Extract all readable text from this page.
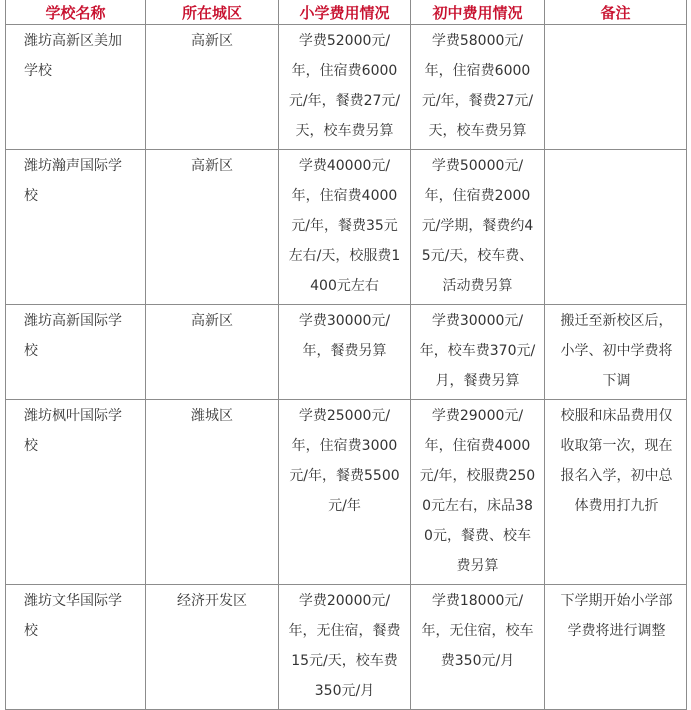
学校名称	所在城区	小学费用情况	初中费用情况	备注
潍坊高新区美加学校	高新区	学费52000元/年，住宿费6000元/年，餐费27元/天，校车费另算	学费58000元/年，住宿费6000元/年，餐费27元/天，校车费另算	
潍坊瀚声国际学校	高新区	学费40000元/年，住宿费4000元/年，餐费35元左右/天，校服费1400元左右	学费50000元/年，住宿费2000元/学期，餐费约45元/天，校车费、活动费另算	
潍坊高新国际学校	高新区	学费30000元/年，餐费另算	学费30000元/年，校车费370元/月，餐费另算	搬迁至新校区后，小学、初中学费将下调
潍坊枫叶国际学校	潍城区	学费25000元/年，住宿费3000元/年，餐费5500元/年	学费29000元/年，住宿费4000元/年，校服费2500元左右，床品380元，餐费、校车费另算	校服和床品费用仅收取第一次，现在报名入学，初中总体费用打九折
潍坊文华国际学校	经济开发区	学费20000元/年，无住宿，餐费15元/天，校车费350元/月	学费18000元/年，无住宿，校车费350元/月	下学期开始小学部学费将进行调整
